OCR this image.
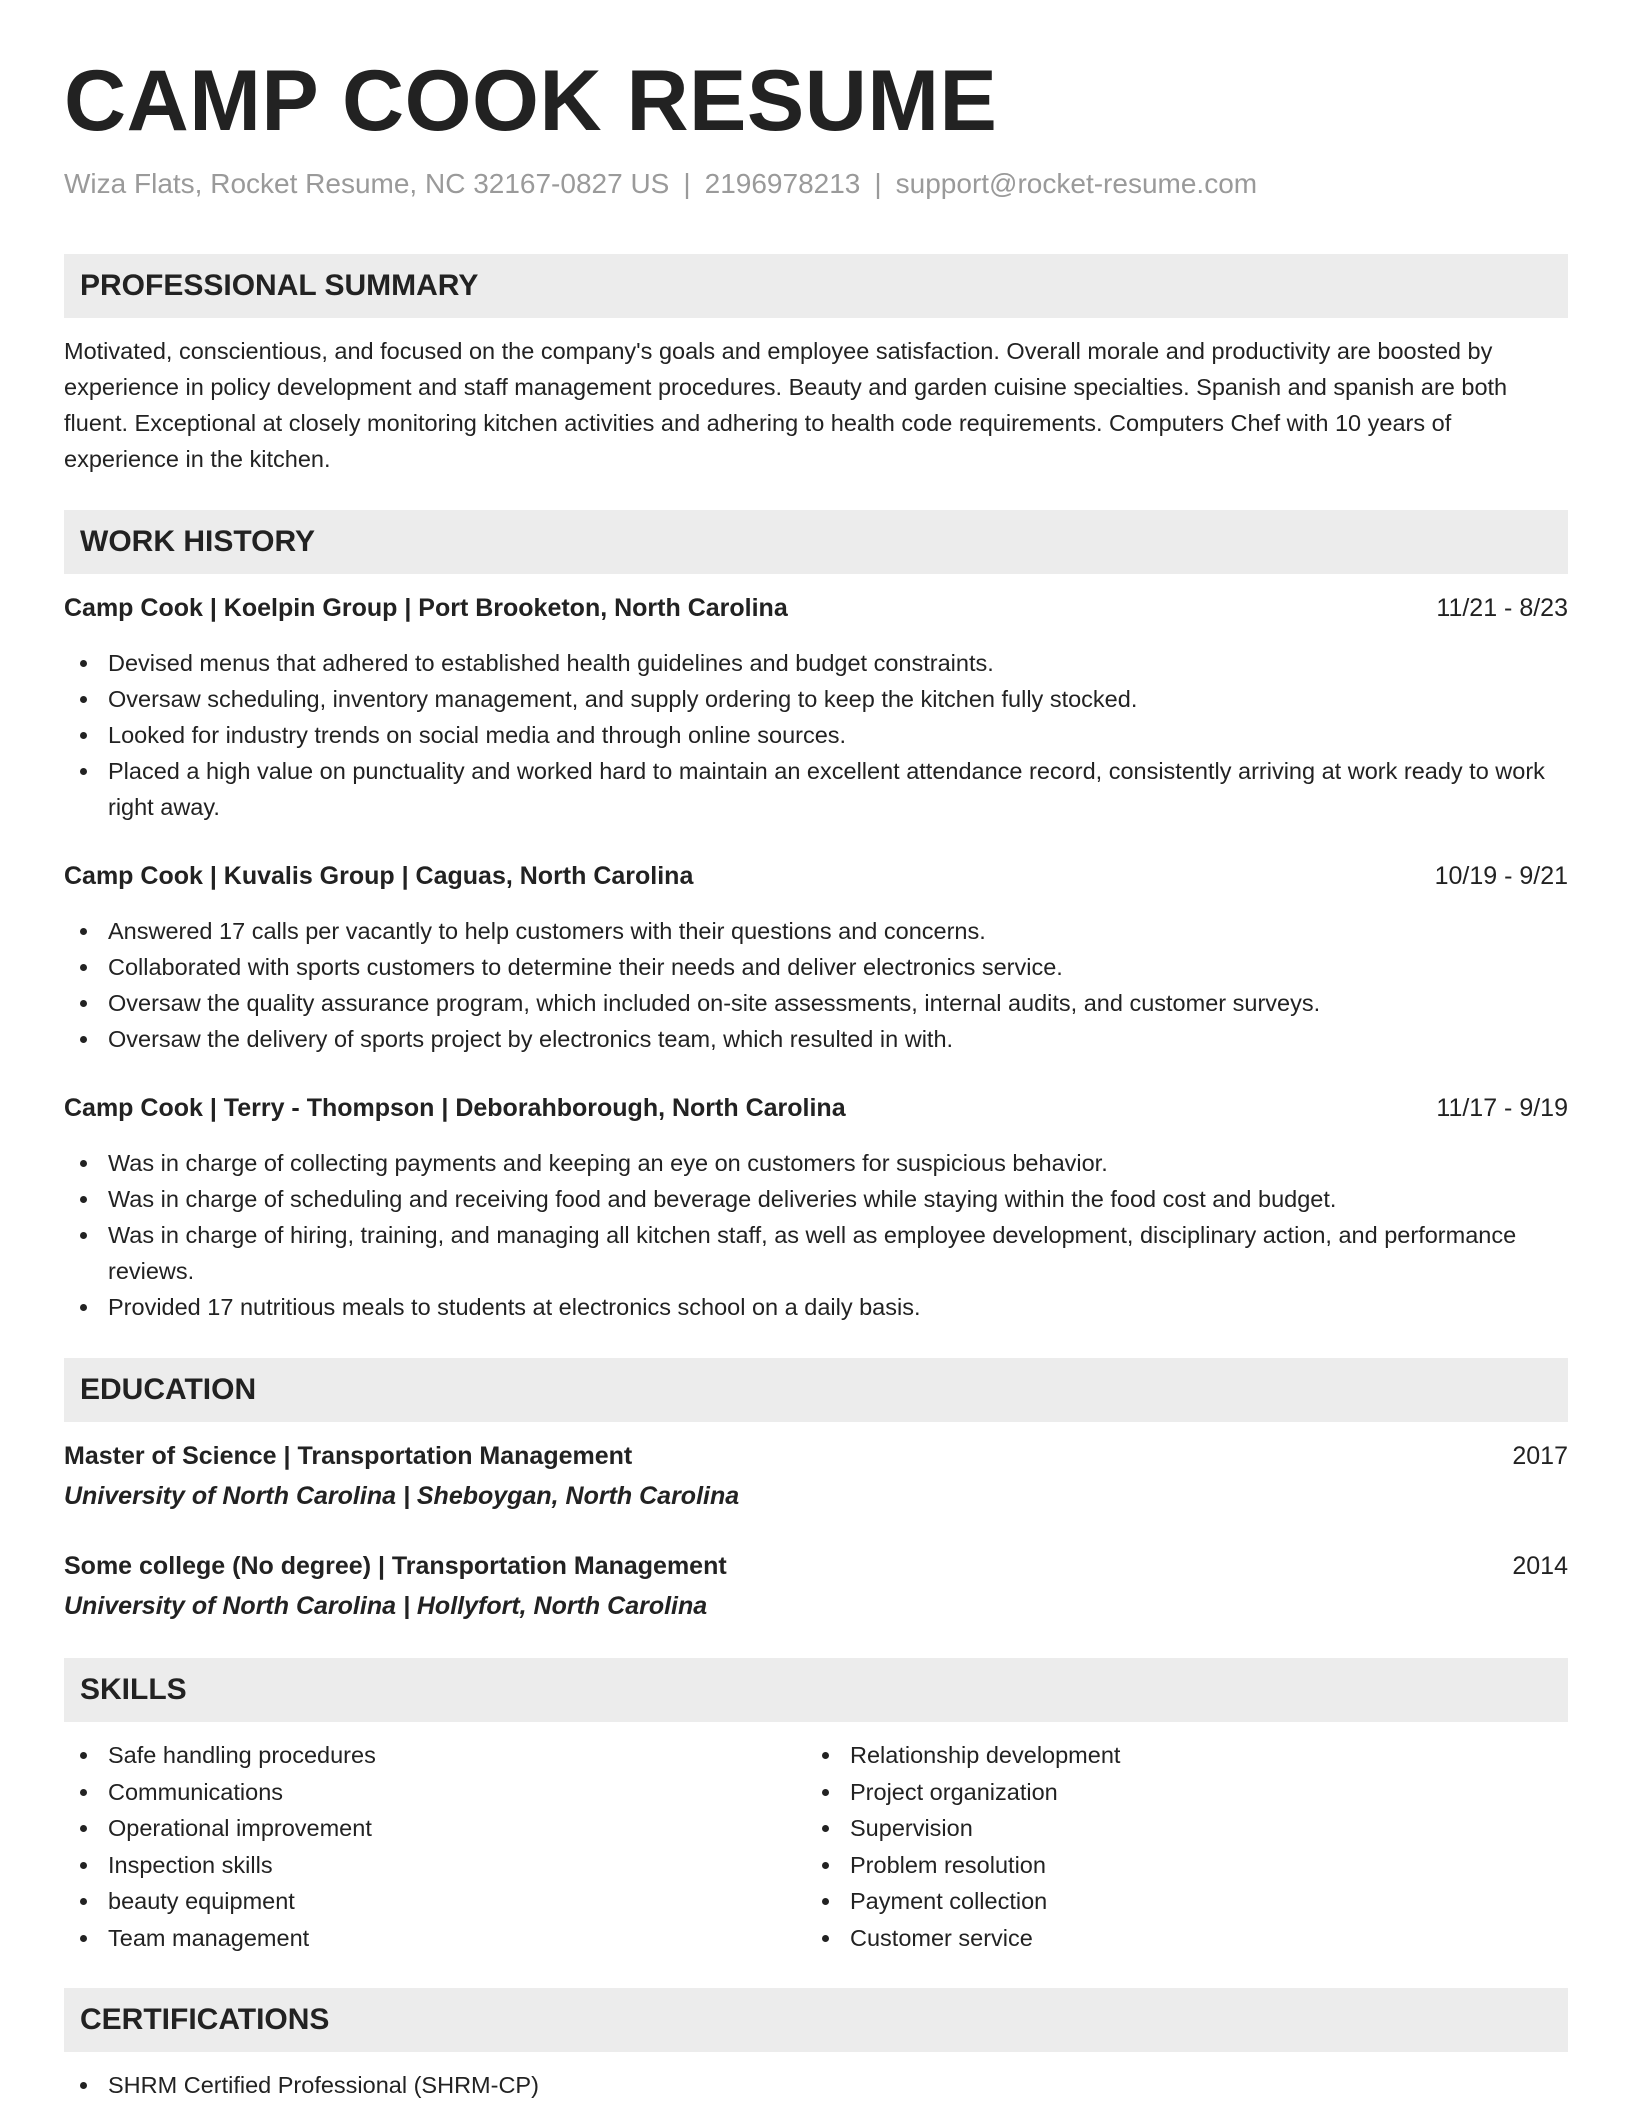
CAMP COOK RESUME
Wiza Flats, Rocket Resume, NC 32167-0827 US | 2196978213 | support@rocket-resume.com
PROFESSIONAL SUMMARY

Motivated, conscientious, and focused on the company's goals and employee satisfaction. Overall morale and productivity are boosted by experience in policy development and staff management procedures. Beauty and garden cuisine specialties. Spanish and spanish are both fluent. Exceptional at closely monitoring kitchen activities and adhering to health code requirements. Computers Chef with 10 years of experience in the kitchen.

WORK HISTORY
Camp Cook | Koelpin Group | Port Brooketon, North Carolina	11/21 - 8/23
Devised menus that adhered to established health guidelines and budget constraints.
Oversaw scheduling, inventory management, and supply ordering to keep the kitchen fully stocked.
Looked for industry trends on social media and through online sources.
Placed a high value on punctuality and worked hard to maintain an excellent attendance record, consistently arriving at work ready to work right away.
Camp Cook | Kuvalis Group | Caguas, North Carolina	10/19 - 9/21
Answered 17 calls per vacantly to help customers with their questions and concerns.
Collaborated with sports customers to determine their needs and deliver electronics service.
Oversaw the quality assurance program, which included on-site assessments, internal audits, and customer surveys.
Oversaw the delivery of sports project by electronics team, which resulted in with.
Camp Cook | Terry - Thompson | Deborahborough, North Carolina	11/17 - 9/19
Was in charge of collecting payments and keeping an eye on customers for suspicious behavior.
Was in charge of scheduling and receiving food and beverage deliveries while staying within the food cost and budget.
Was in charge of hiring, training, and managing all kitchen staff, as well as employee development, disciplinary action, and performance reviews.
Provided 17 nutritious meals to students at electronics school on a daily basis.
EDUCATION
Master of Science | Transportation Management	2017
University of North Carolina | Sheboygan, North Carolina
Some college (No degree) | Transportation Management	2014
University of North Carolina | Hollyfort, North Carolina
SKILLS
Safe handling procedures
Communications
Operational improvement
Inspection skills
beauty equipment
Team management
Relationship development
Project organization
Supervision
Problem resolution
Payment collection
Customer service
CERTIFICATIONS
SHRM Certified Professional (SHRM-CP)
